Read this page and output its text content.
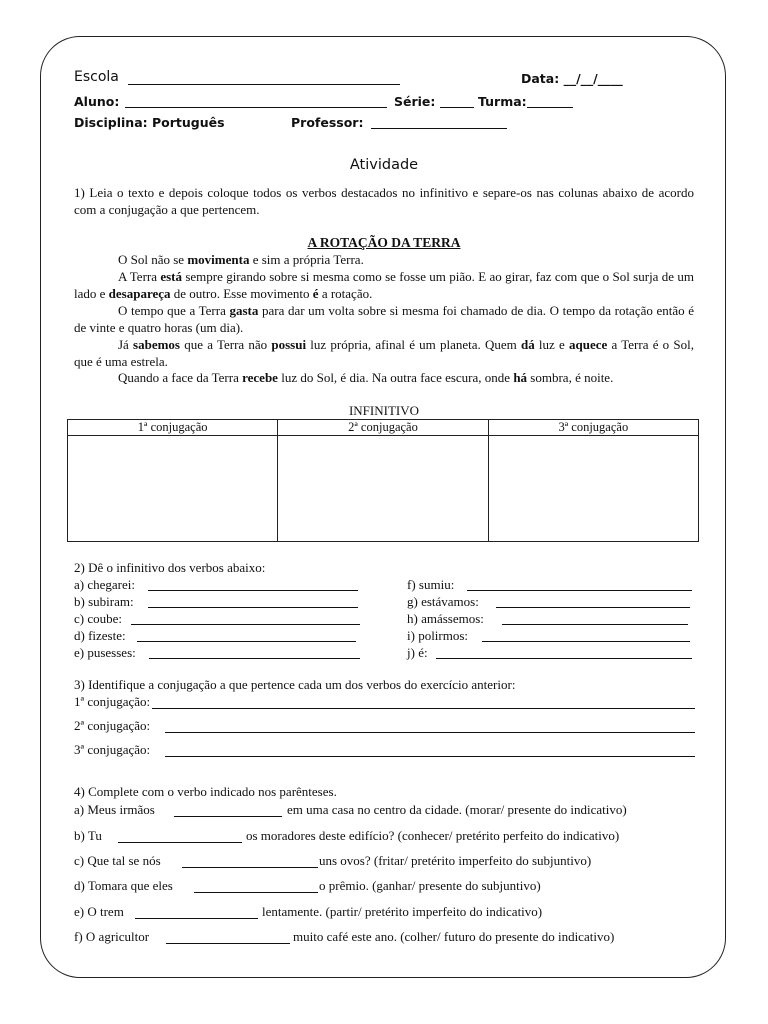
Escola	Data: __/__/____
Aluno:	Série:	Turma:
Disciplina: Português	Professor:
Atividade
1) Leia o texto e depois coloque todos os verbos destacados no infinitivo e separe-os nas colunas abaixo de acordo com a conjugação a que pertencem.
A ROTAÇÃO DA TERRA
O Sol não se movimenta e sim a própria Terra.
A Terra está sempre girando sobre si mesma como se fosse um pião. E ao girar, faz com que o Sol surja de um lado e desapareça de outro. Esse movimento é a rotação.
O tempo que a Terra gasta para dar um volta sobre si mesma foi chamado de dia. O tempo da rotação então é de vinte e quatro horas (um dia).
Já sabemos que a Terra não possui luz própria, afinal é um planeta. Quem dá luz e aquece a Terra é o Sol, que é uma estrela.
Quando a face da Terra recebe luz do Sol, é dia. Na outra face escura, onde há sombra, é noite.
INFINITIVO
1ª conjugação	2ª conjugação	3ª conjugação

2) Dê o infinitivo dos verbos abaixo:
a) chegarei:
b) subiram:
c) coube:
d) fizeste:
e) pusesses:
f) sumiu:
g) estávamos:
h) amássemos:
i) polirmos:
j) é:
3) Identifique a conjugação a que pertence cada um dos verbos do exercício anterior:
1ª conjugação:
2ª conjugação:
3ª conjugação:
4) Complete com o verbo indicado nos parênteses.
a) Meus irmãos	em uma casa no centro da cidade. (morar/ presente do indicativo)
b) Tu	os moradores deste edifício? (conhecer/ pretérito perfeito do indicativo)
c) Que tal se nós	uns ovos? (fritar/ pretérito imperfeito do subjuntivo)
d) Tomara que eles	o prêmio. (ganhar/ presente do subjuntivo)
e) O trem	lentamente. (partir/ pretérito imperfeito do indicativo)
f) O agricultor	muito café este ano. (colher/ futuro do presente do indicativo)
